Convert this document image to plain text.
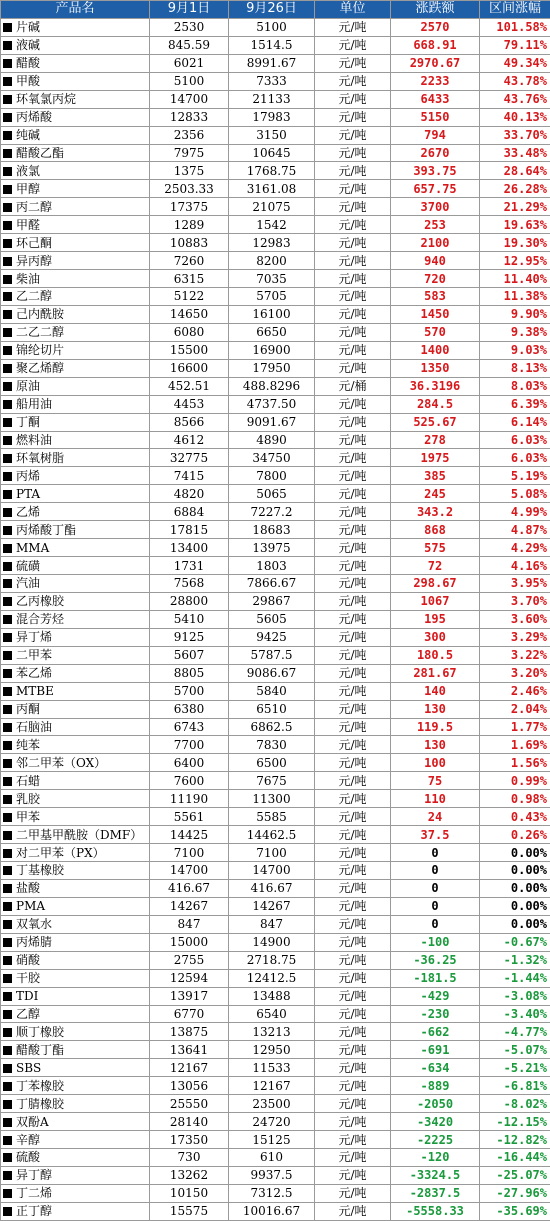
产品名	9月1日	9月26日	单位	涨跌额	区间涨幅
片碱	2530	5100	元/吨	2570	101.58%
液碱	845.59	1514.5	元/吨	668.91	79.11%
醋酸	6021	8991.67	元/吨	2970.67	49.34%
甲酸	5100	7333	元/吨	2233	43.78%
环氧氯丙烷	14700	21133	元/吨	6433	43.76%
丙烯酸	12833	17983	元/吨	5150	40.13%
纯碱	2356	3150	元/吨	794	33.70%
醋酸乙酯	7975	10645	元/吨	2670	33.48%
液氯	1375	1768.75	元/吨	393.75	28.64%
甲醇	2503.33	3161.08	元/吨	657.75	26.28%
丙二醇	17375	21075	元/吨	3700	21.29%
甲醛	1289	1542	元/吨	253	19.63%
环己酮	10883	12983	元/吨	2100	19.30%
异丙醇	7260	8200	元/吨	940	12.95%
柴油	6315	7035	元/吨	720	11.40%
乙二醇	5122	5705	元/吨	583	11.38%
己内酰胺	14650	16100	元/吨	1450	9.90%
二乙二醇	6080	6650	元/吨	570	9.38%
锦纶切片	15500	16900	元/吨	1400	9.03%
聚乙烯醇	16600	17950	元/吨	1350	8.13%
原油	452.51	488.8296	元/桶	36.3196	8.03%
船用油	4453	4737.50	元/吨	284.5	6.39%
丁酮	8566	9091.67	元/吨	525.67	6.14%
燃料油	4612	4890	元/吨	278	6.03%
环氧树脂	32775	34750	元/吨	1975	6.03%
丙烯	7415	7800	元/吨	385	5.19%
PTA	4820	5065	元/吨	245	5.08%
乙烯	6884	7227.2	元/吨	343.2	4.99%
丙烯酸丁酯	17815	18683	元/吨	868	4.87%
MMA	13400	13975	元/吨	575	4.29%
硫磺	1731	1803	元/吨	72	4.16%
汽油	7568	7866.67	元/吨	298.67	3.95%
乙丙橡胶	28800	29867	元/吨	1067	3.70%
混合芳烃	5410	5605	元/吨	195	3.60%
异丁烯	9125	9425	元/吨	300	3.29%
二甲苯	5607	5787.5	元/吨	180.5	3.22%
苯乙烯	8805	9086.67	元/吨	281.67	3.20%
MTBE	5700	5840	元/吨	140	2.46%
丙酮	6380	6510	元/吨	130	2.04%
石脑油	6743	6862.5	元/吨	119.5	1.77%
纯苯	7700	7830	元/吨	130	1.69%
邻二甲苯（OX）	6400	6500	元/吨	100	1.56%
石蜡	7600	7675	元/吨	75	0.99%
乳胶	11190	11300	元/吨	110	0.98%
甲苯	5561	5585	元/吨	24	0.43%
二甲基甲酰胺（DMF）	14425	14462.5	元/吨	37.5	0.26%
对二甲苯（PX）	7100	7100	元/吨	0	0.00%
丁基橡胶	14700	14700	元/吨	0	0.00%
盐酸	416.67	416.67	元/吨	0	0.00%
PMA	14267	14267	元/吨	0	0.00%
双氧水	847	847	元/吨	0	0.00%
丙烯腈	15000	14900	元/吨	-100	-0.67%
硝酸	2755	2718.75	元/吨	-36.25	-1.32%
干胶	12594	12412.5	元/吨	-181.5	-1.44%
TDI	13917	13488	元/吨	-429	-3.08%
乙醇	6770	6540	元/吨	-230	-3.40%
顺丁橡胶	13875	13213	元/吨	-662	-4.77%
醋酸丁酯	13641	12950	元/吨	-691	-5.07%
SBS	12167	11533	元/吨	-634	-5.21%
丁苯橡胶	13056	12167	元/吨	-889	-6.81%
丁腈橡胶	25550	23500	元/吨	-2050	-8.02%
双酚A	28140	24720	元/吨	-3420	-12.15%
辛醇	17350	15125	元/吨	-2225	-12.82%
硫酸	730	610	元/吨	-120	-16.44%
异丁醇	13262	9937.5	元/吨	-3324.5	-25.07%
丁二烯	10150	7312.5	元/吨	-2837.5	-27.96%
正丁醇	15575	10016.67	元/吨	-5558.33	-35.69%
